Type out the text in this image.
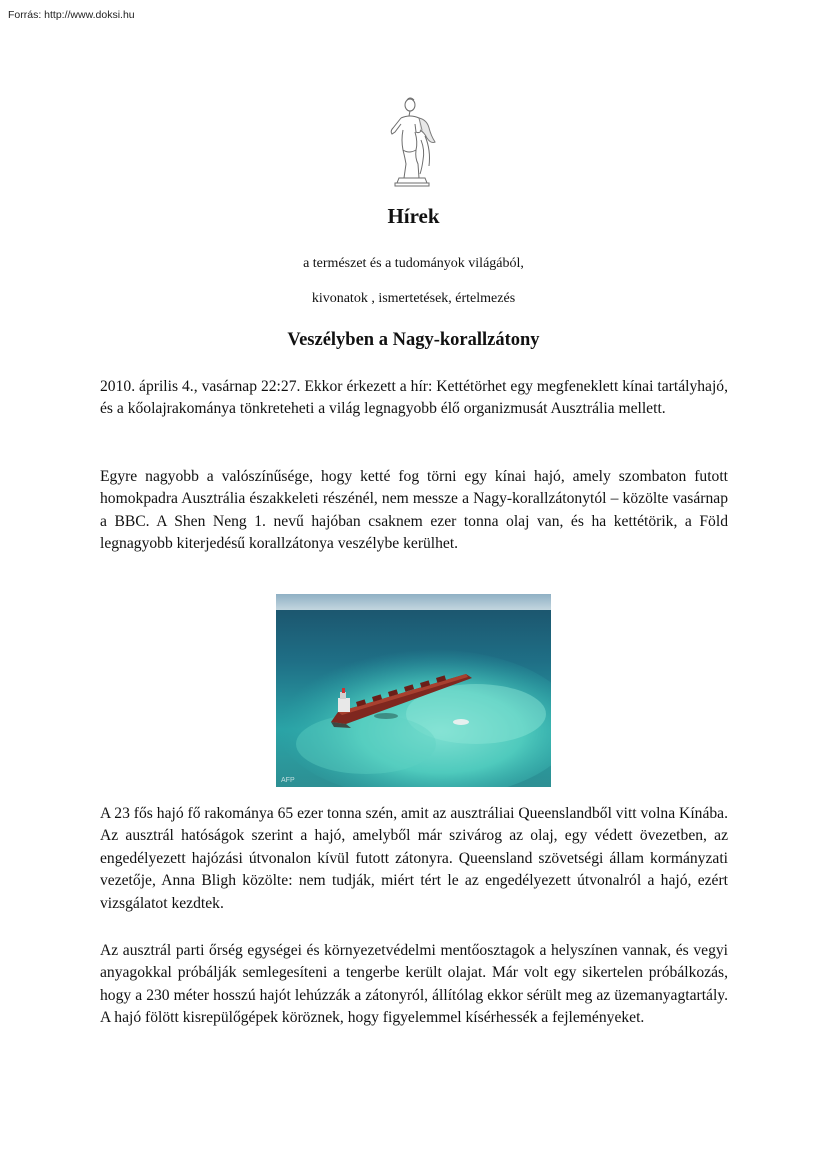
Forrás: http://www.doksi.hu
Hírek
a természet és a tudományok világából,
kivonatok , ismertetések, értelmezés
Veszélyben a Nagy-korallzátony

2010. április 4., vasárnap 22:27. Ekkor érkezett a hír: Kettétörhet egy megfeneklett kínai tartályhajó, és a kőolajrakománya tönkreteheti a világ legnagyobb élő organizmusát Ausztrália mellett.

Egyre nagyobb a valószínűsége, hogy ketté fog törni egy kínai hajó, amely szombaton futott homokpadra Ausztrália északkeleti részénél, nem messze a Nagy-korallzátonytól – közölte vasárnap a BBC. A Shen Neng 1. nevű hajóban csaknem ezer tonna olaj van, és ha kettétörik, a Föld legnagyobb kiterjedésű korallzátonya veszélybe kerülhet.

AFP

A 23 fős hajó fő rakománya 65 ezer tonna szén, amit az ausztráliai Queenslandből vitt volna Kínába. Az ausztrál hatóságok szerint a hajó, amelyből már szivárog az olaj, egy védett övezetben, az engedélyezett hajózási útvonalon kívül futott zátonyra. Queensland szövetségi állam kormányzati vezetője, Anna Bligh közölte: nem tudják, miért tért le az engedélyezett útvonalról a hajó, ezért vizsgálatot kezdtek.

Az ausztrál parti őrség egységei és környezetvédelmi mentőosztagok a helyszínen vannak, és vegyi anyagokkal próbálják semlegesíteni a tengerbe került olajat. Már volt egy sikertelen próbálkozás, hogy a 230 méter hosszú hajót lehúzzák a zátonyról, állítólag ekkor sérült meg az üzemanyagtartály. A hajó fölött kisrepülőgépek köröznek, hogy figyelemmel kísérhessék a fejleményeket.
